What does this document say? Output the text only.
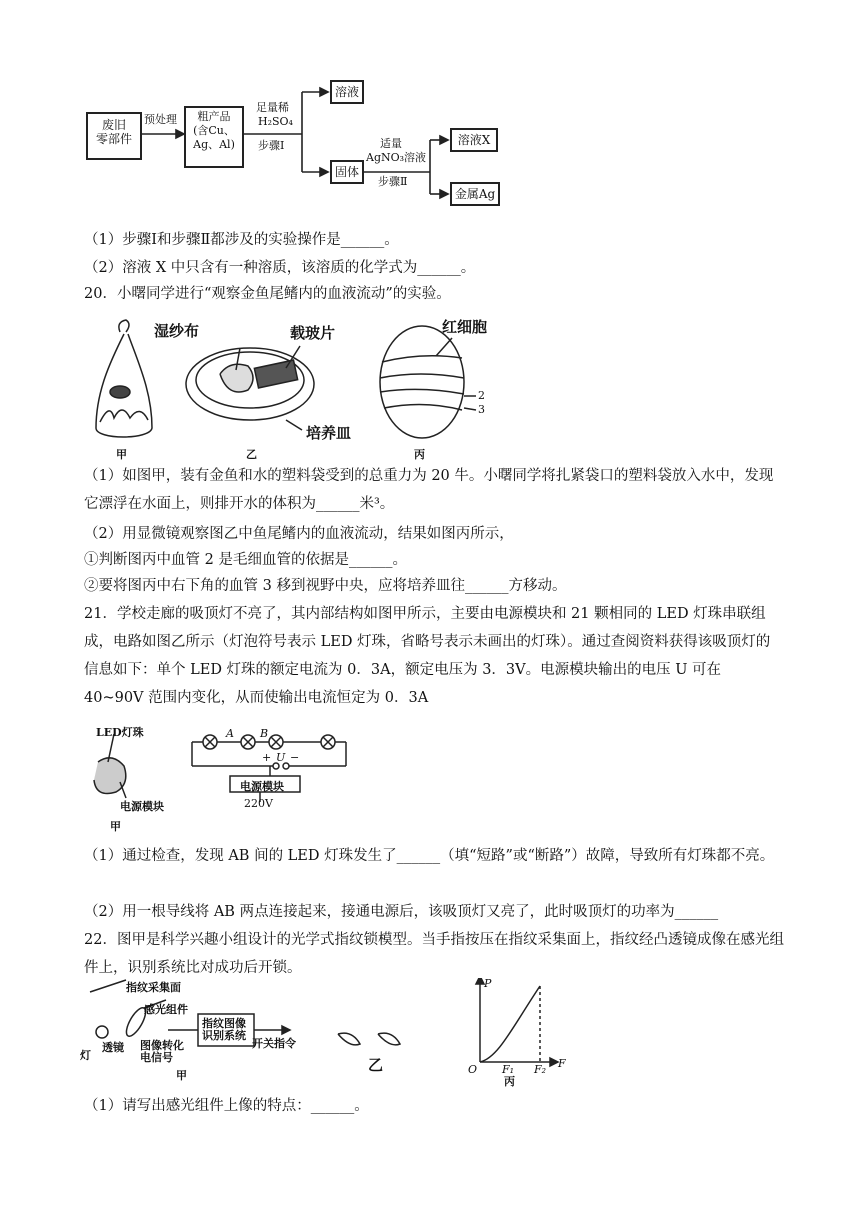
废旧
零部件
预处理	粗产品
(含Cu、
Ag、Al)
足量稀
H₂SO₄
步骤Ⅰ
溶液
固体
适量
AgNO₃溶液
步骤Ⅱ
溶液X
金属Ag
（1）步骤Ⅰ和步骤Ⅱ都涉及的实验操作是______。
（2）溶液 X 中只含有一种溶质，该溶质的化学式为______。
20．小曙同学进行“观察金鱼尾鳍内的血液流动”的实验。
湿纱布	载玻片
培养皿
红细胞
2
3
甲	乙	丙
（1）如图甲，装有金鱼和水的塑料袋受到的总重力为 20 牛。小曙同学将扎紧袋口的塑料袋放入水中，发现它漂浮在水面上，则排开水的体积为______米³。
（2）用显微镜观察图乙中鱼尾鳍内的血液流动，结果如图丙所示，
①判断图丙中血管 2 是毛细血管的依据是______。
②要将图丙中右下角的血管 3 移到视野中央，应将培养皿往______方移动。
21．学校走廊的吸顶灯不亮了，其内部结构如图甲所示，主要由电源模块和 21 颗相同的 LED 灯珠串联组成，电路如图乙所示（灯泡符号表示 LED 灯珠，省略号表示未画出的灯珠）。通过查阅资料获得该吸顶灯的信息如下：单个 LED 灯珠的额定电流为 0．3A，额定电压为 3．3V。电源模块输出的电压 U 可在 40~90V 范围内变化，从而使输出电流恒定为 0．3A
LED灯珠
电源模块
甲
A B
U
+ −
电源模块
220V
（1）通过检查，发现 AB 间的 LED 灯珠发生了______（填“短路”或“断路”）故障，导致所有灯珠都不亮。
（2）用一根导线将 AB 两点连接起来，接通电源后，该吸顶灯又亮了，此时吸顶灯的功率为______
22．图甲是科学兴趣小组设计的光学式指纹锁模型。当手指按压在指纹采集面上，指纹经凸透镜成像在感光组件上，识别系统比对成功后开锁。
指纹采集面
感光组件
指纹图像
识别系统
开关指令
图像转化
电信号
灯
透镜
甲
乙
P
O F₁ F₂ F
丙
（1）请写出感光组件上像的特点：______。
